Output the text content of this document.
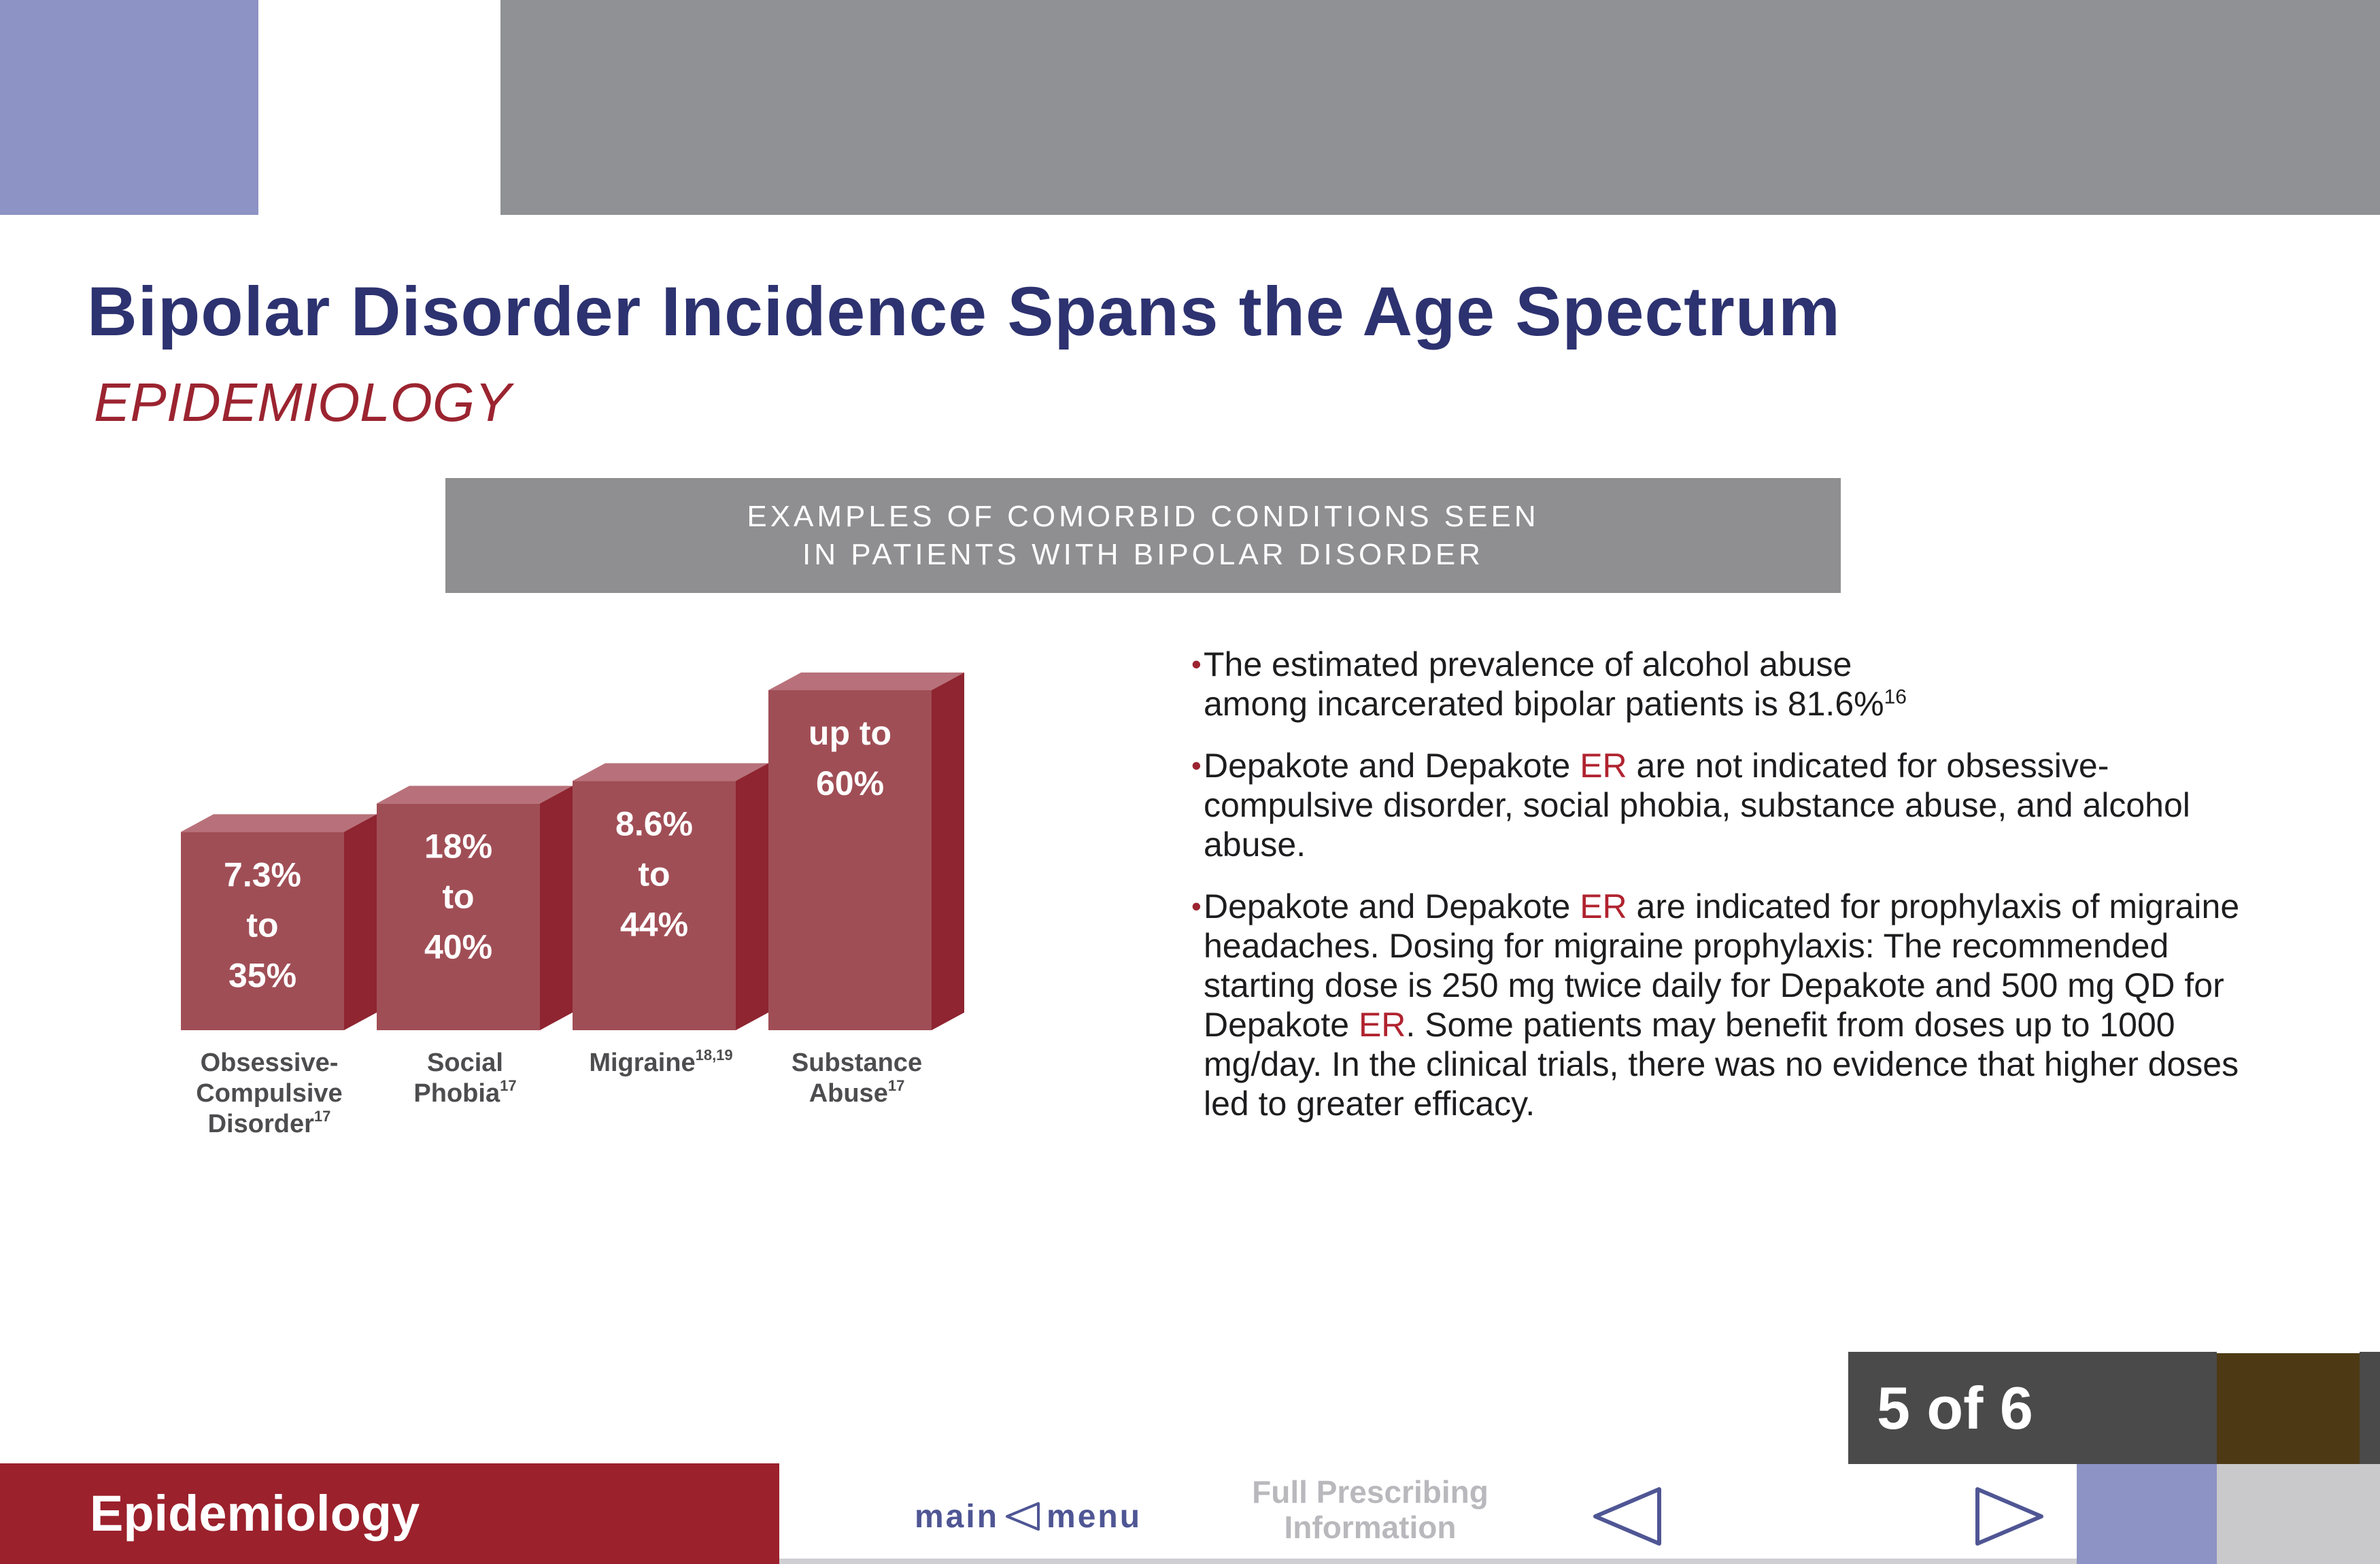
Bipolar Disorder Incidence Spans the Age Spectrum
EPIDEMIOLOGY
EXAMPLES OF COMORBID CONDITIONS SEEN
IN PATIENTS WITH BIPOLAR DISORDER
7.3%
to
35%
Obsessive-
Compulsive
Disorder$^{17}$
18%
to
40%
Social
Phobia$^{17}$
8.6%
to
44%
Migraine$^{18,19}$
up to
60%
Substance
Abuse$^{17}$
• The estimated prevalence of alcohol abuse
among incarcerated bipolar patients is 81.6%$^{16}$
• Depakote and Depakote ER are not indicated for obsessive-compulsive disorder, social phobia, substance abuse, and alcohol abuse.
• Depakote and Depakote ER are indicated for prophylaxis of migraine headaches. Dosing for migraine prophylaxis: The recommended starting dose is 250 mg twice daily for Depakote and 500 mg QD for Depakote ER. Some patients may benefit from doses up to 1000 mg/day. In the clinical trials, there was no evidence that higher doses led to greater efficacy.
5 of 6
Epidemiology	main menu
Full Prescribing
Information
